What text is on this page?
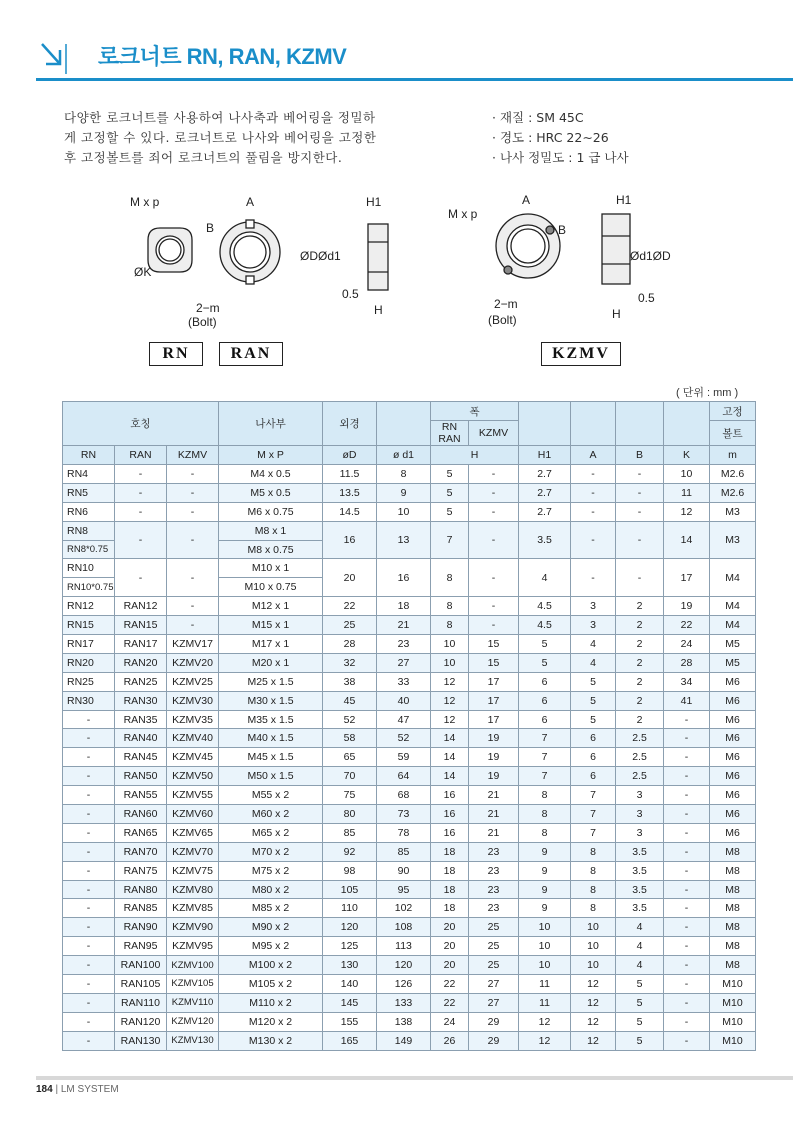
로크너트 RN, RAN, KZMV
다양한 로크너트를 사용하여 나사축과 베어링을 정밀하
게 고정할 수 있다. 로크너트로 나사와 베어링을 고정한
후 고정볼트를 죄어 로크너트의 풀림을 방지한다.
· 재질 : SM 45C
· 경도 : HRC 22∼26
· 나사 정밀도 : 1 급 나사
M x p	A
B
ØK
2−m
(Bolt)
H1
ØDØd1
0.5
H
M x p
A
B
2−m
(Bolt)
H1
Ød1ØD
0.5
H
RN	RAN	KZMV
( 단위 : mm )
호칭			나사부	외경		폭						고정
						RN RAN	KZMV					볼트
RN	RAN	KZMV	M x P	øD	ø d1	H		H1	A	B	K	m
RN4	-	-	M4 x 0.5	11.5	8	5	-	2.7	-	-	10	M2.6
RN5	-	-	M5 x 0.5	13.5	9	5	-	2.7	-	-	11	M2.6
RN6	-	-	M6 x 0.75	14.5	10	5	-	2.7	-	-	12	M3
RN8	-	-	M8 x 1	16	13	7	-	3.5	-	-	14	M3
RN8*0.75			M8 x 0.75									
RN10	-	-	M10 x 1	20	16	8	-	4	-	-	17	M4
RN10*0.75			M10 x 0.75									
RN12	RAN12	-	M12 x 1	22	18	8	-	4.5	3	2	19	M4
RN15	RAN15	-	M15 x 1	25	21	8	-	4.5	3	2	22	M4
RN17	RAN17	KZMV17	M17 x 1	28	23	10	15	5	4	2	24	M5
RN20	RAN20	KZMV20	M20 x 1	32	27	10	15	5	4	2	28	M5
RN25	RAN25	KZMV25	M25 x 1.5	38	33	12	17	6	5	2	34	M6
RN30	RAN30	KZMV30	M30 x 1.5	45	40	12	17	6	5	2	41	M6
-	RAN35	KZMV35	M35 x 1.5	52	47	12	17	6	5	2	-	M6
-	RAN40	KZMV40	M40 x 1.5	58	52	14	19	7	6	2.5	-	M6
-	RAN45	KZMV45	M45 x 1.5	65	59	14	19	7	6	2.5	-	M6
-	RAN50	KZMV50	M50 x 1.5	70	64	14	19	7	6	2.5	-	M6
-	RAN55	KZMV55	M55 x 2	75	68	16	21	8	7	3	-	M6
-	RAN60	KZMV60	M60 x 2	80	73	16	21	8	7	3	-	M6
-	RAN65	KZMV65	M65 x 2	85	78	16	21	8	7	3	-	M6
-	RAN70	KZMV70	M70 x 2	92	85	18	23	9	8	3.5	-	M8
-	RAN75	KZMV75	M75 x 2	98	90	18	23	9	8	3.5	-	M8
-	RAN80	KZMV80	M80 x 2	105	95	18	23	9	8	3.5	-	M8
-	RAN85	KZMV85	M85 x 2	110	102	18	23	9	8	3.5	-	M8
-	RAN90	KZMV90	M90 x 2	120	108	20	25	10	10	4	-	M8
-	RAN95	KZMV95	M95 x 2	125	113	20	25	10	10	4	-	M8
-	RAN100	KZMV100	M100 x 2	130	120	20	25	10	10	4	-	M8
-	RAN105	KZMV105	M105 x 2	140	126	22	27	11	12	5	-	M10
-	RAN110	KZMV110	M110 x 2	145	133	22	27	11	12	5	-	M10
-	RAN120	KZMV120	M120 x 2	155	138	24	29	12	12	5	-	M10
-	RAN130	KZMV130	M130 x 2	165	149	26	29	12	12	5	-	M10
184 | LM SYSTEM
